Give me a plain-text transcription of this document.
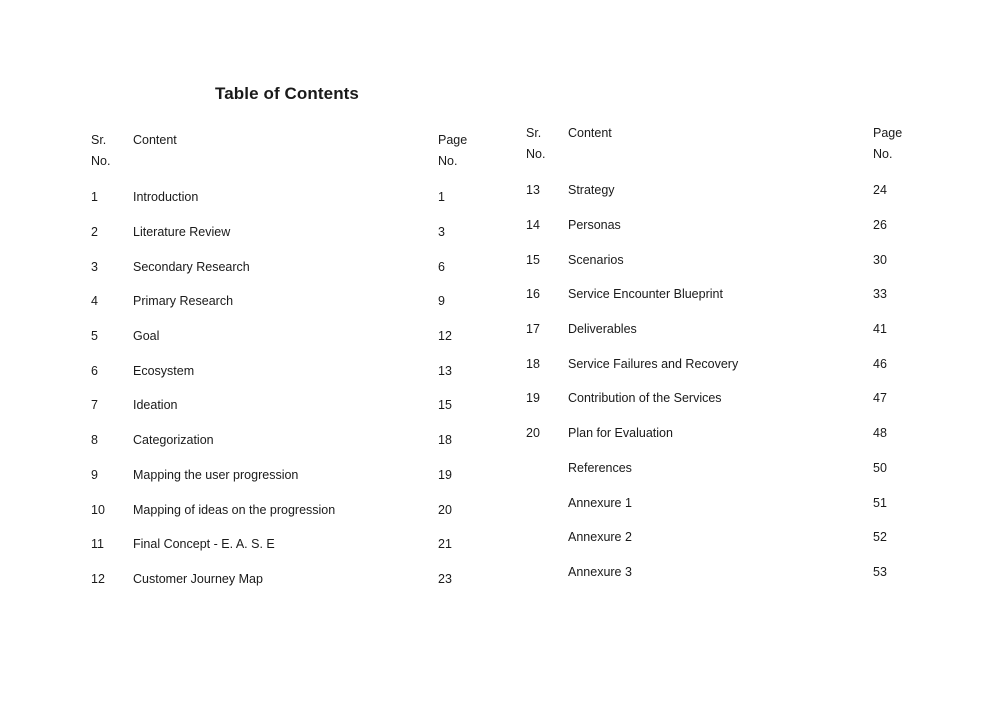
Table of Contents
Sr.
No.
Content	Page
No.
1	Introduction	1
2	Literature Review	3
3	Secondary Research	6
4	Primary Research	9
5	Goal	12
6	Ecosystem	13
7	Ideation	15
8	Categorization	18
9	Mapping the user progression	19
10	Mapping of ideas on the progression	20
11	Final Concept - E. A. S. E	21
12	Customer Journey Map	23
Sr.
No.
Content	Page
No.
13	Strategy	24
14	Personas	26
15	Scenarios	30
16	Service Encounter Blueprint	33
17	Deliverables	41
18	Service Failures and Recovery	46
19	Contribution of the Services	47
20	Plan for Evaluation	48
References	50
Annexure 1	51
Annexure 2	52
Annexure 3	53
